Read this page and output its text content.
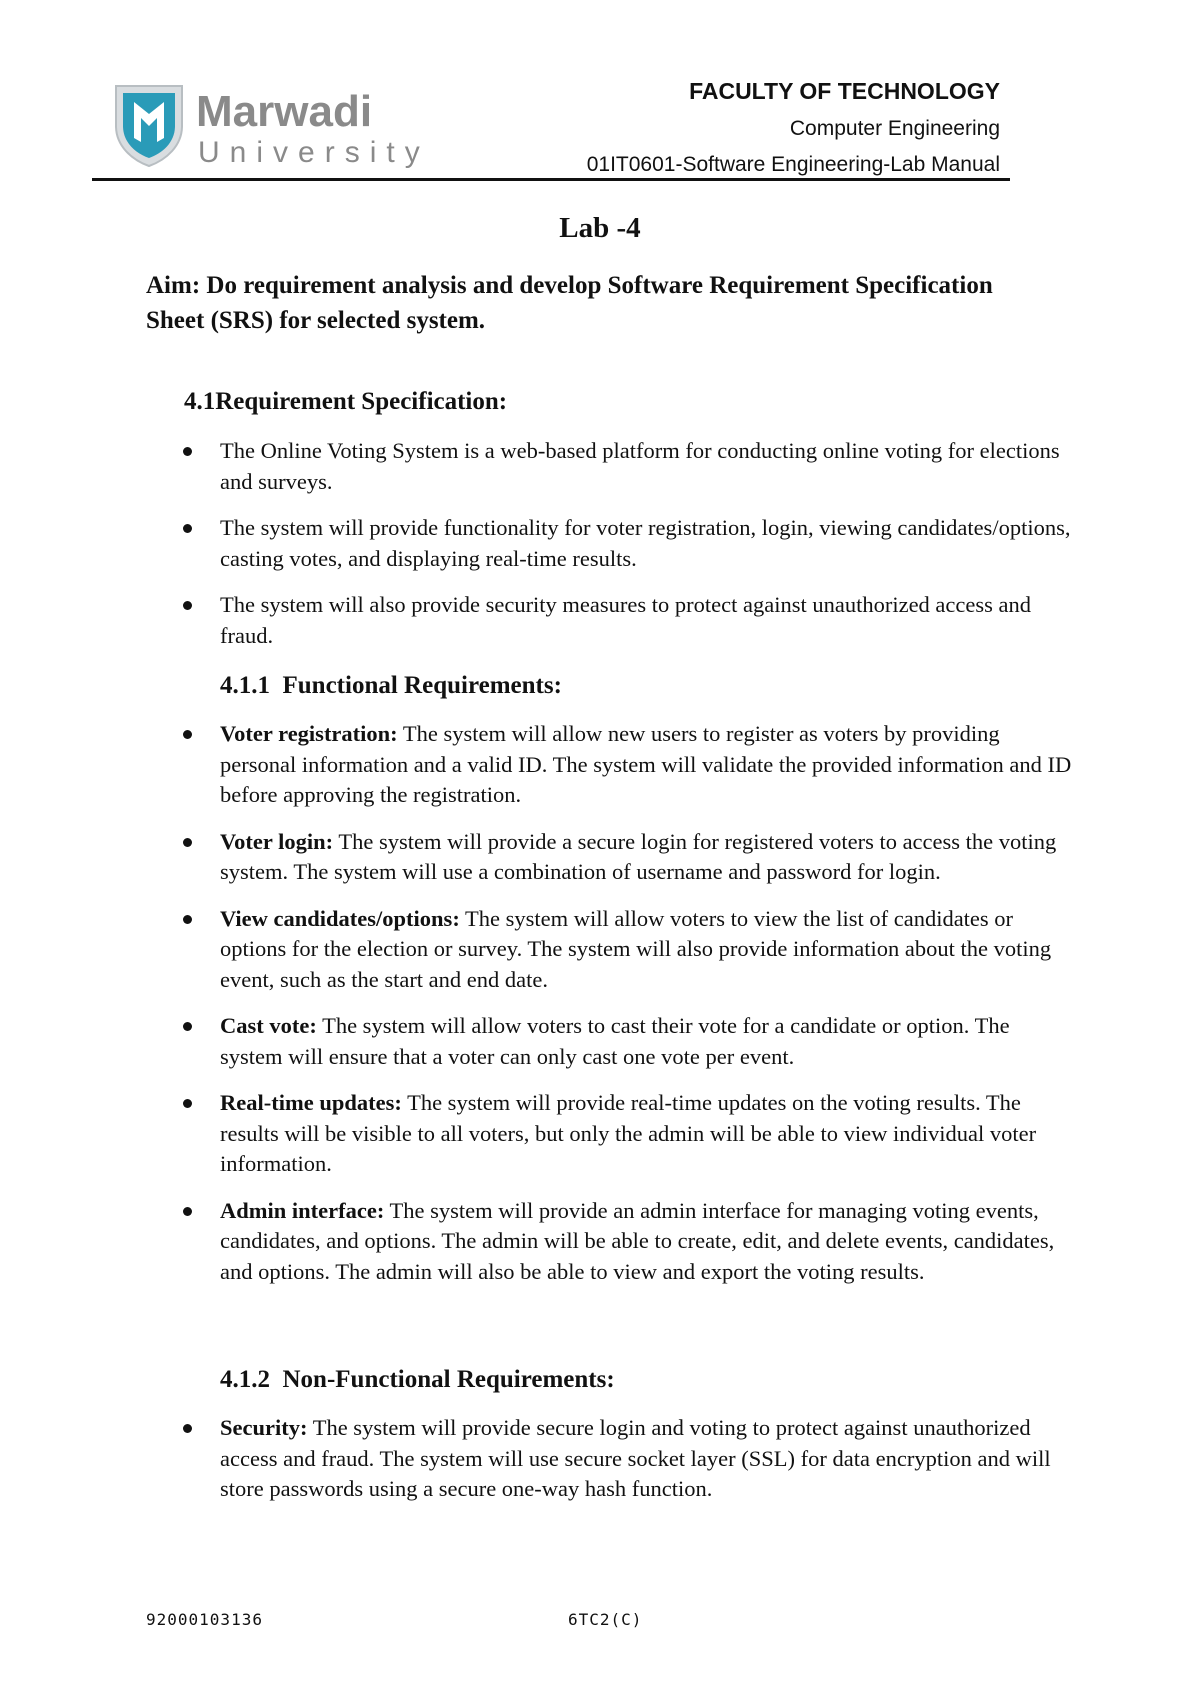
Marwadi
University
FACULTY OF TECHNOLOGY
Computer Engineering
01IT0601-Software Engineering-Lab Manual
Lab -4
Aim: Do requirement analysis and develop Software Requirement Specification Sheet (SRS) for selected system.
4.1Requirement Specification:
The Online Voting System is a web-based platform for conducting online voting for elections and surveys.
The system will provide functionality for voter registration, login, viewing candidates/options, casting votes, and displaying real-time results.
The system will also provide security measures to protect against unauthorized access and fraud.
4.1.1 Functional Requirements:
Voter registration: The system will allow new users to register as voters by providing personal information and a valid ID. The system will validate the provided information and ID before approving the registration.
Voter login: The system will provide a secure login for registered voters to access the voting system. The system will use a combination of username and password for login.
View candidates/options: The system will allow voters to view the list of candidates or options for the election or survey. The system will also provide information about the voting event, such as the start and end date.
Cast vote: The system will allow voters to cast their vote for a candidate or option. The system will ensure that a voter can only cast one vote per event.
Real-time updates: The system will provide real-time updates on the voting results. The results will be visible to all voters, but only the admin will be able to view individual voter information.
Admin interface: The system will provide an admin interface for managing voting events, candidates, and options. The admin will be able to create, edit, and delete events, candidates, and options. The admin will also be able to view and export the voting results.
4.1.2 Non-Functional Requirements:
Security: The system will provide secure login and voting to protect against unauthorized access and fraud. The system will use secure socket layer (SSL) for data encryption and will store passwords using a secure one-way hash function.
92000103136	6TC2(C)
